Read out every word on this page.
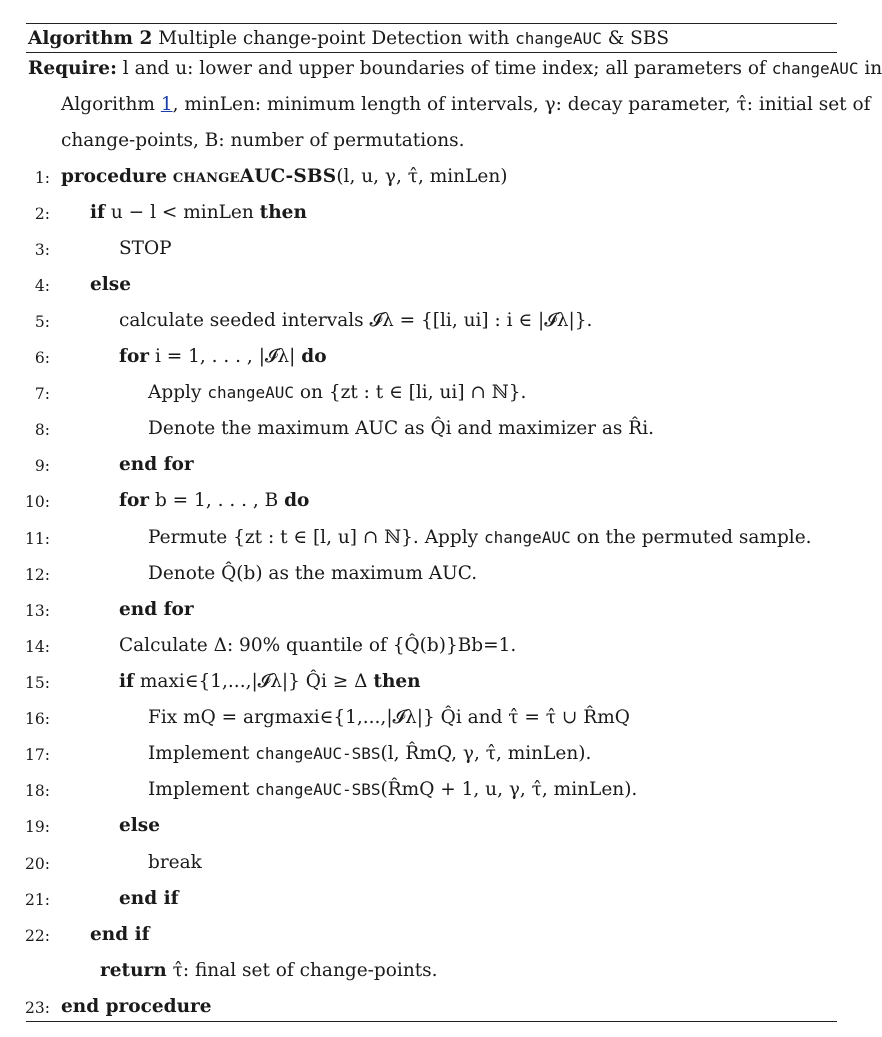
Algorithm 2 Multiple change-point Detection with changeAUC & SBS
Require: l and u: lower and upper boundaries of time index; all parameters of changeAUC in
Algorithm 1, minLen: minimum length of intervals, γ: decay parameter, τ̂: initial set of
change-points, B: number of permutations.
1: procedure changeAUC-SBS(l, u, γ, τ̂, minLen)
2: if u − l < minLen then
3:	STOP
4: else
5:	calculate seeded intervals 𝓘λ = {[li, ui] : i ∈ |𝓘λ|}.
6:	for i = 1, . . . , |𝓘λ| do
7:	Apply changeAUC on {zt : t ∈ [li, ui] ∩ ℕ}.
8:	Denote the maximum AUC as Q̂i and maximizer as R̂i.
9:	end for
10:	for b = 1, . . . , B do
11:	Permute {zt : t ∈ [l, u] ∩ ℕ}. Apply changeAUC on the permuted sample.
12:	Denote Q̂(b) as the maximum AUC.
13:	end for
14:	Calculate Δ: 90% quantile of {Q̂(b)}Bb=1.
15:	if maxi∈{1,...,|𝓘λ|} Q̂i ≥ Δ then
16:	Fix mQ = argmaxi∈{1,...,|𝓘λ|} Q̂i and τ̂ = τ̂ ∪ R̂mQ
17:	Implement changeAUC-SBS(l, R̂mQ, γ, τ̂, minLen).
18:	Implement changeAUC-SBS(R̂mQ + 1, u, γ, τ̂, minLen).
19:	else
20:	break
21:	end if
22: end if
return τ̂: final set of change-points.
23: end procedure
